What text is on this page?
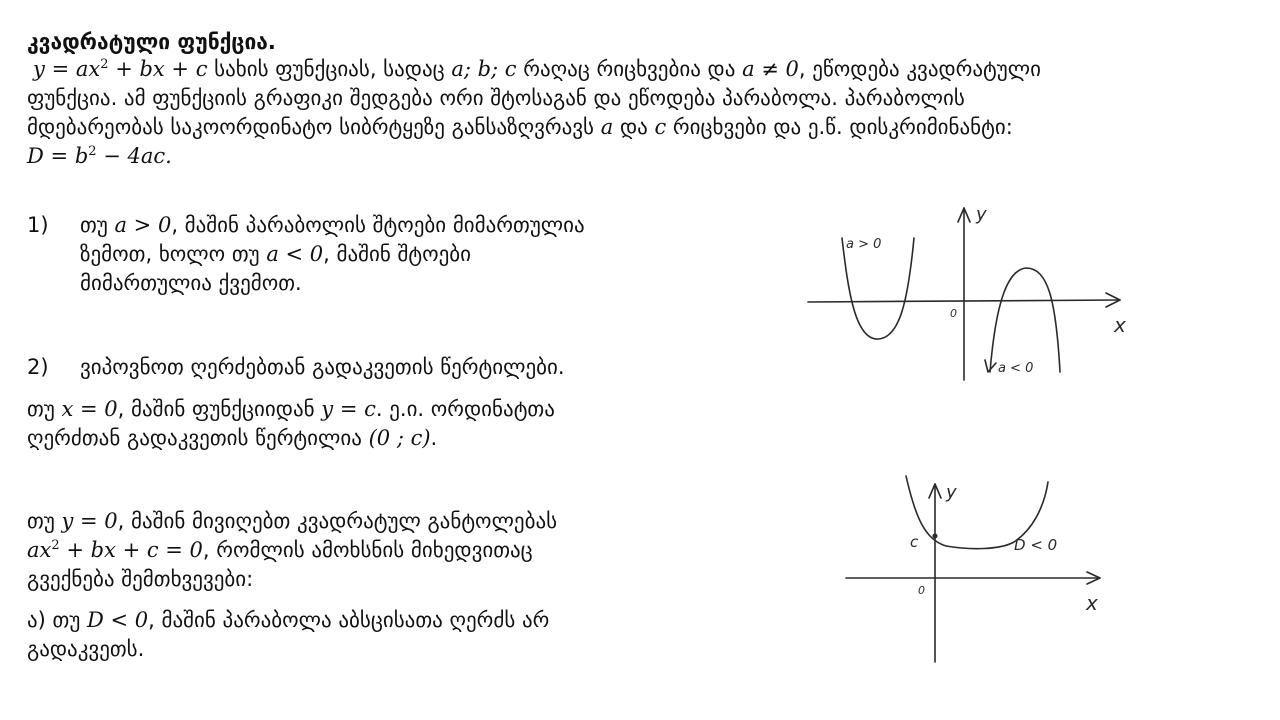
კვადრატული ფუნქცია.
$y = ax^2$ + bx + c სახის ფუნქციას, სადაც a; b; c რაღაც რიცხვებია და a ≠ 0, ეწოდება კვადრატული
ფუნქცია. ამ ფუნქციის გრაფიკი შედგება ორი შტოსაგან და ეწოდება პარაბოლა. პარაბოლის
მდებარეობას საკოორდინატო სიბრტყეზე განსაზღვრავს a და c რიცხვები და ე.წ. დისკრიმინანტი:
$D = b^2 - 4ac$.
1) თუ a > 0, მაშინ პარაბოლის შტოები მიმართულია
ზემოთ, ხოლო თუ a < 0, მაშინ შტოები
მიმართულია ქვემოთ.
2) ვიპოვნოთ ღერძებთან გადაკვეთის წერტილები.
თუ x = 0, მაშინ ფუნქციიდან y = c. ე.ი. ორდინატთა
ღერძთან გადაკვეთის წერტილია (0 ; c).
თუ y = 0, მაშინ მივიღებთ კვადრატულ განტოლებას
$ax^2$ + bx + c = 0, რომლის ამოხსნის მიხედვითაც
გვექნება შემთხვევები:
ა) თუ D < 0, მაშინ პარაბოლა აბსცისათა ღერძს არ
გადაკვეთს.
y
x
0
a > 0
a < 0
y
x
0
c	D < 0
